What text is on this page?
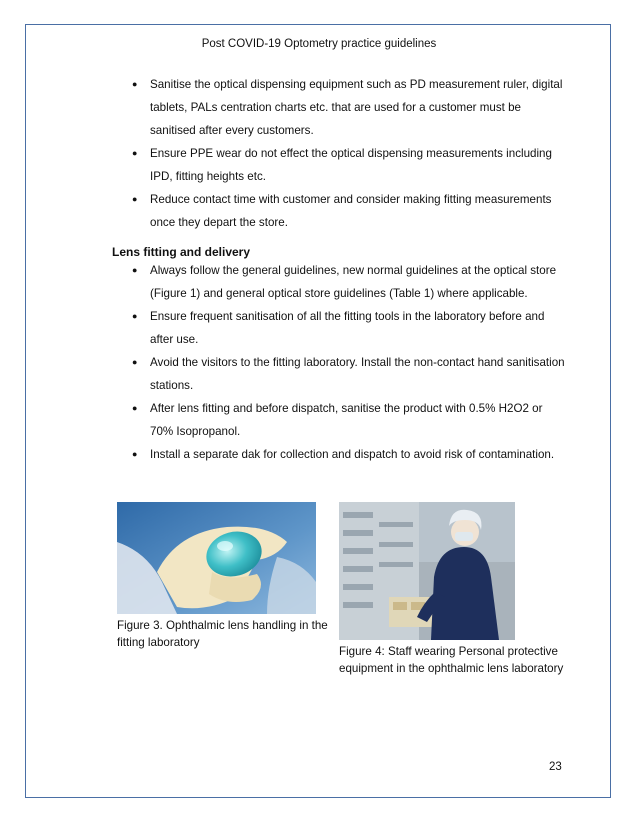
Post COVID-19 Optometry practice guidelines
● Sanitise the optical dispensing equipment such as PD measurement ruler, digital tablets, PALs centration charts etc. that are used for a customer must be sanitised after every customers.
● Ensure PPE wear do not effect the optical dispensing measurements including IPD, fitting heights etc.
● Reduce contact time with customer and consider making fitting measurements once they depart the store.
Lens fitting and delivery
● Always follow the general guidelines, new normal guidelines at the optical store (Figure 1) and general optical store guidelines (Table 1) where applicable.
● Ensure frequent sanitisation of all the fitting tools in the laboratory before and after use.
● Avoid the visitors to the fitting laboratory. Install the non-contact hand sanitisation stations.
● After lens fitting and before dispatch, sanitise the product with 0.5% H2O2 or 70% Isopropanol.
● Install a separate dak for collection and dispatch to avoid risk of contamination.
Figure 3. Ophthalmic lens handling in the fitting laboratory
Figure 4: Staff wearing Personal protective equipment in the ophthalmic lens laboratory
23
